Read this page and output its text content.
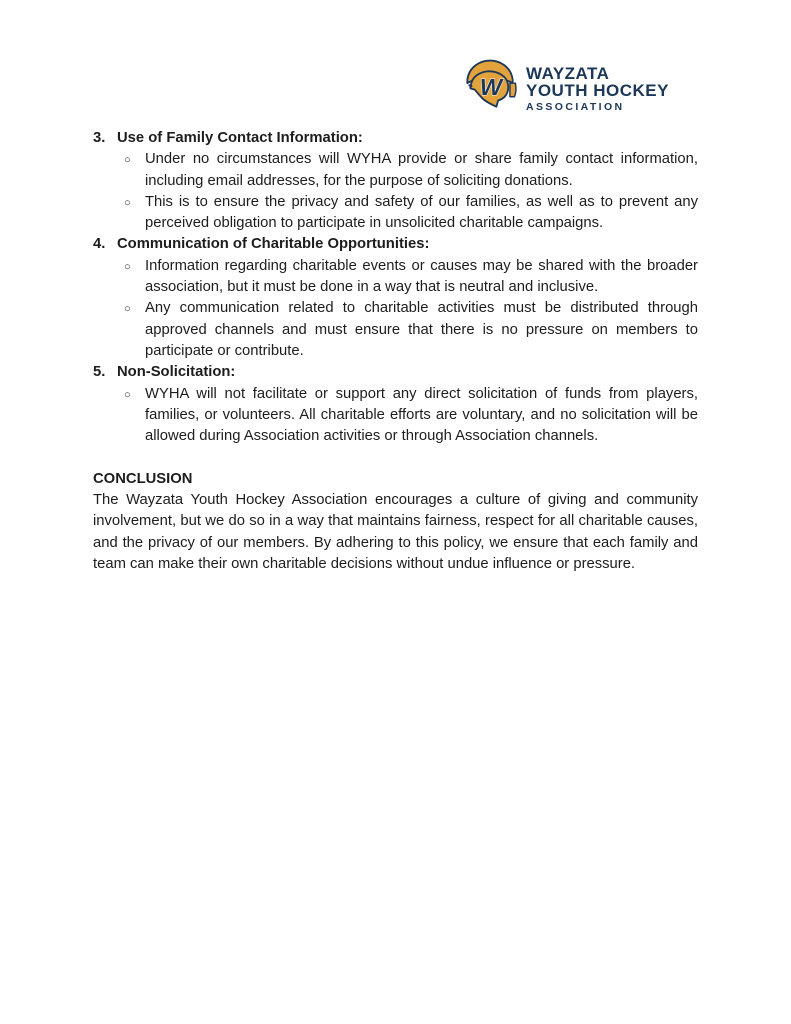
W
WAYZATA
YOUTH HOCKEY
ASSOCIATION
3. Use of Family Contact Information:
○ Under no circumstances will WYHA provide or share family contact information, including email addresses, for the purpose of soliciting donations.
○ This is to ensure the privacy and safety of our families, as well as to prevent any perceived obligation to participate in unsolicited charitable campaigns.
4. Communication of Charitable Opportunities:
○ Information regarding charitable events or causes may be shared with the broader association, but it must be done in a way that is neutral and inclusive.
○ Any communication related to charitable activities must be distributed through approved channels and must ensure that there is no pressure on members to participate or contribute.
5. Non-Solicitation:
○ WYHA will not facilitate or support any direct solicitation of funds from players, families, or volunteers. All charitable efforts are voluntary, and no solicitation will be allowed during Association activities or through Association channels.
CONCLUSION
The Wayzata Youth Hockey Association encourages a culture of giving and community involvement, but we do so in a way that maintains fairness, respect for all charitable causes, and the privacy of our members. By adhering to this policy, we ensure that each family and team can make their own charitable decisions without undue influence or pressure.
